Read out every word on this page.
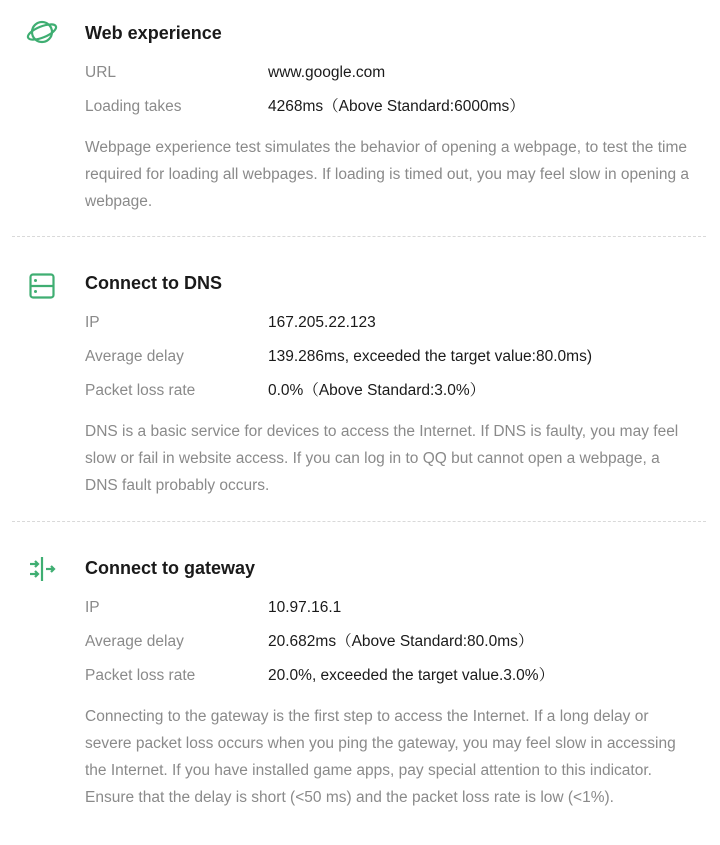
Web experience
URL	www.google.com
Loading takes	4268ms（Above Standard:6000ms）

Webpage experience test simulates the behavior of opening a webpage, to test the time required for loading all webpages. If loading is timed out, you may feel slow in opening a webpage.

Connect to DNS
IP	167.205.22.123
Average delay	139.286ms, exceeded the target value:80.0ms)
Packet loss rate	0.0%（Above Standard:3.0%）

DNS is a basic service for devices to access the Internet. If DNS is faulty, you may feel slow or fail in website access. If you can log in to QQ but cannot open a webpage, a DNS fault probably occurs.

Connect to gateway
IP	10.97.16.1
Average delay	20.682ms（Above Standard:80.0ms）
Packet loss rate	20.0%, exceeded the target value.3.0%）

Connecting to the gateway is the first step to access the Internet. If a long delay or severe packet loss occurs when you ping the gateway, you may feel slow in accessing the Internet. If you have installed game apps, pay special attention to this indicator. Ensure that the delay is short (<50 ms) and the packet loss rate is low (<1%).
